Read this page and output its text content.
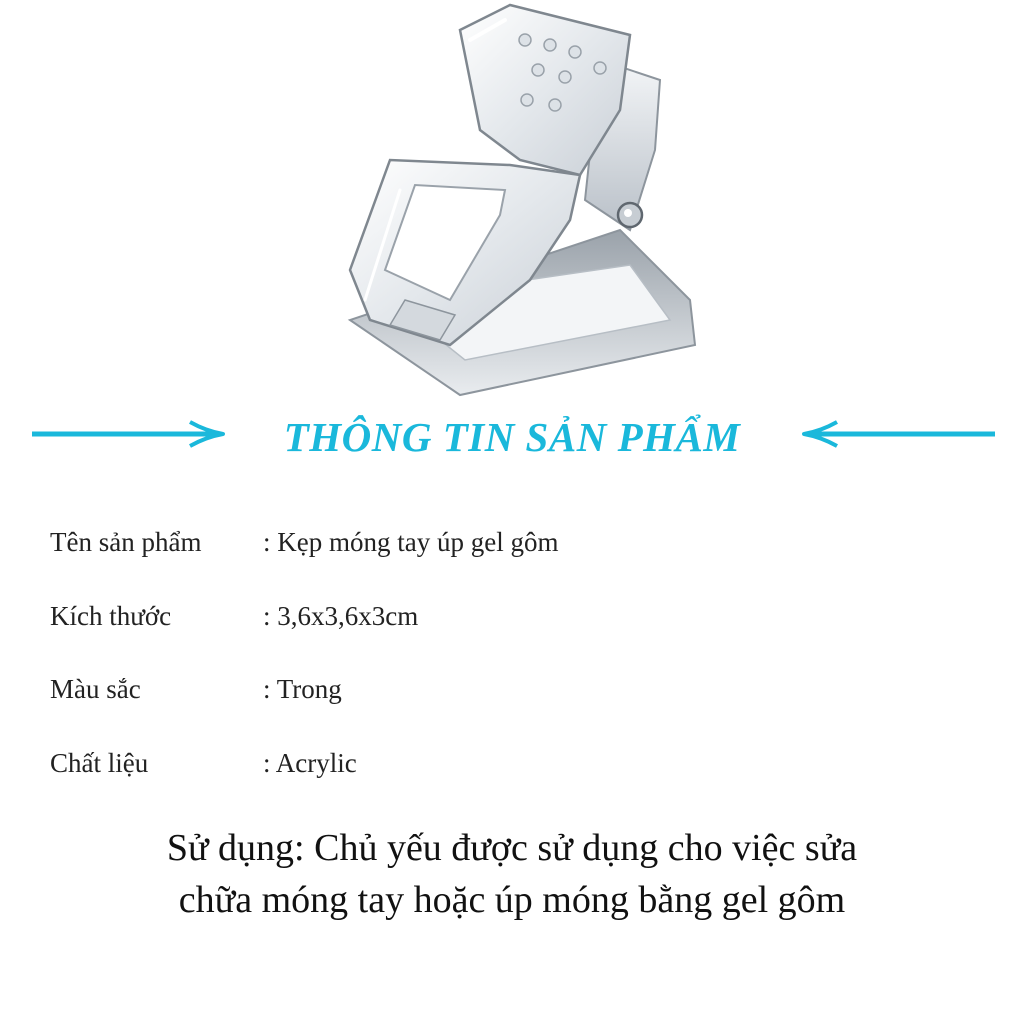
THÔNG TIN SẢN PHẨM
Tên sản phẩm	: Kẹp móng tay úp gel gôm
Kích thước	: 3,6x3,6x3cm
Màu sắc	: Trong
Chất liệu	: Acrylic

Sử dụng: Chủ yếu được sử dụng cho việc sửa

chữa móng tay hoặc úp móng bằng gel gôm
